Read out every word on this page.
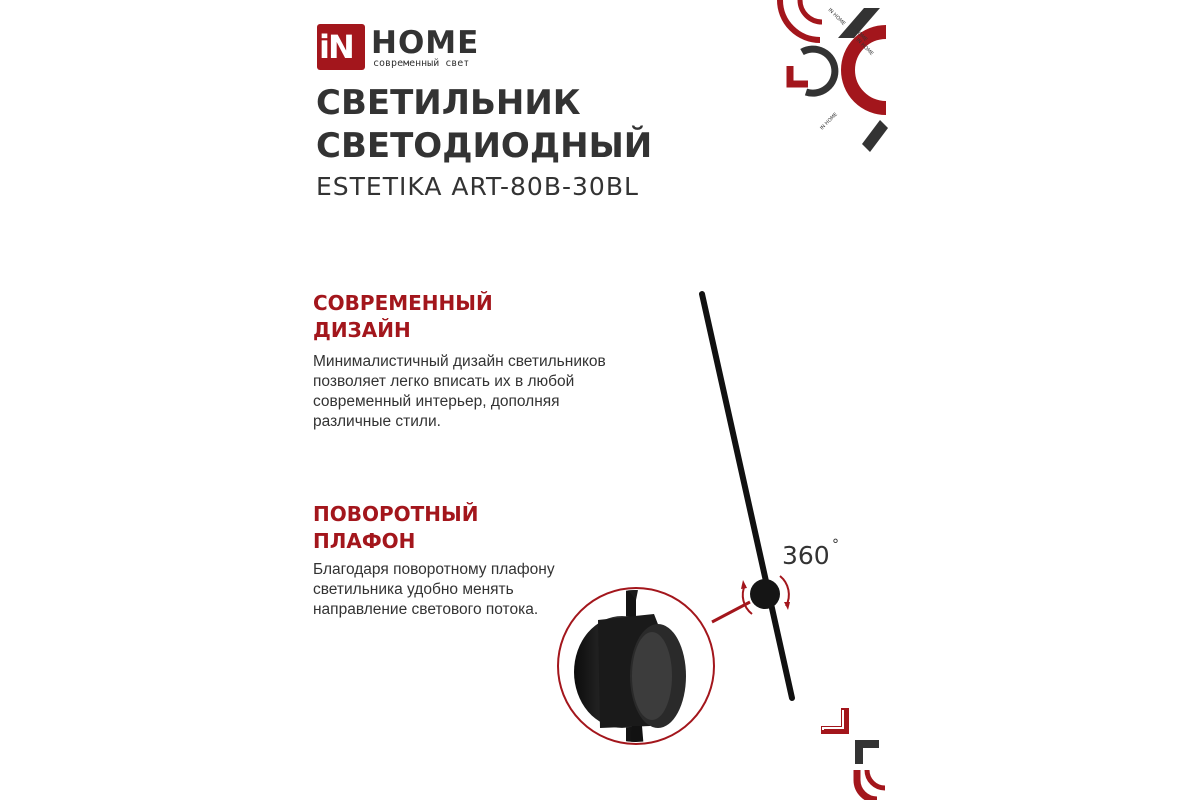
iN HOME
современный свет
СВЕТИЛЬНИК
СВЕТОДИОДНЫЙ
ESTETIKA ART-80B-30BL
IN HOME
IN HOME
IN HOME
IN HOME
СОВРЕМЕННЫЙ
ДИЗАЙН

Минималистичный дизайн светильников
позволяет легко вписать их в любой
современный интерьер, дополняя
различные стили.

ПОВОРОТНЫЙ
ПЛАФОН

Благодаря поворотному плафону
светильника удобно менять
направление светового потока.

360 °
